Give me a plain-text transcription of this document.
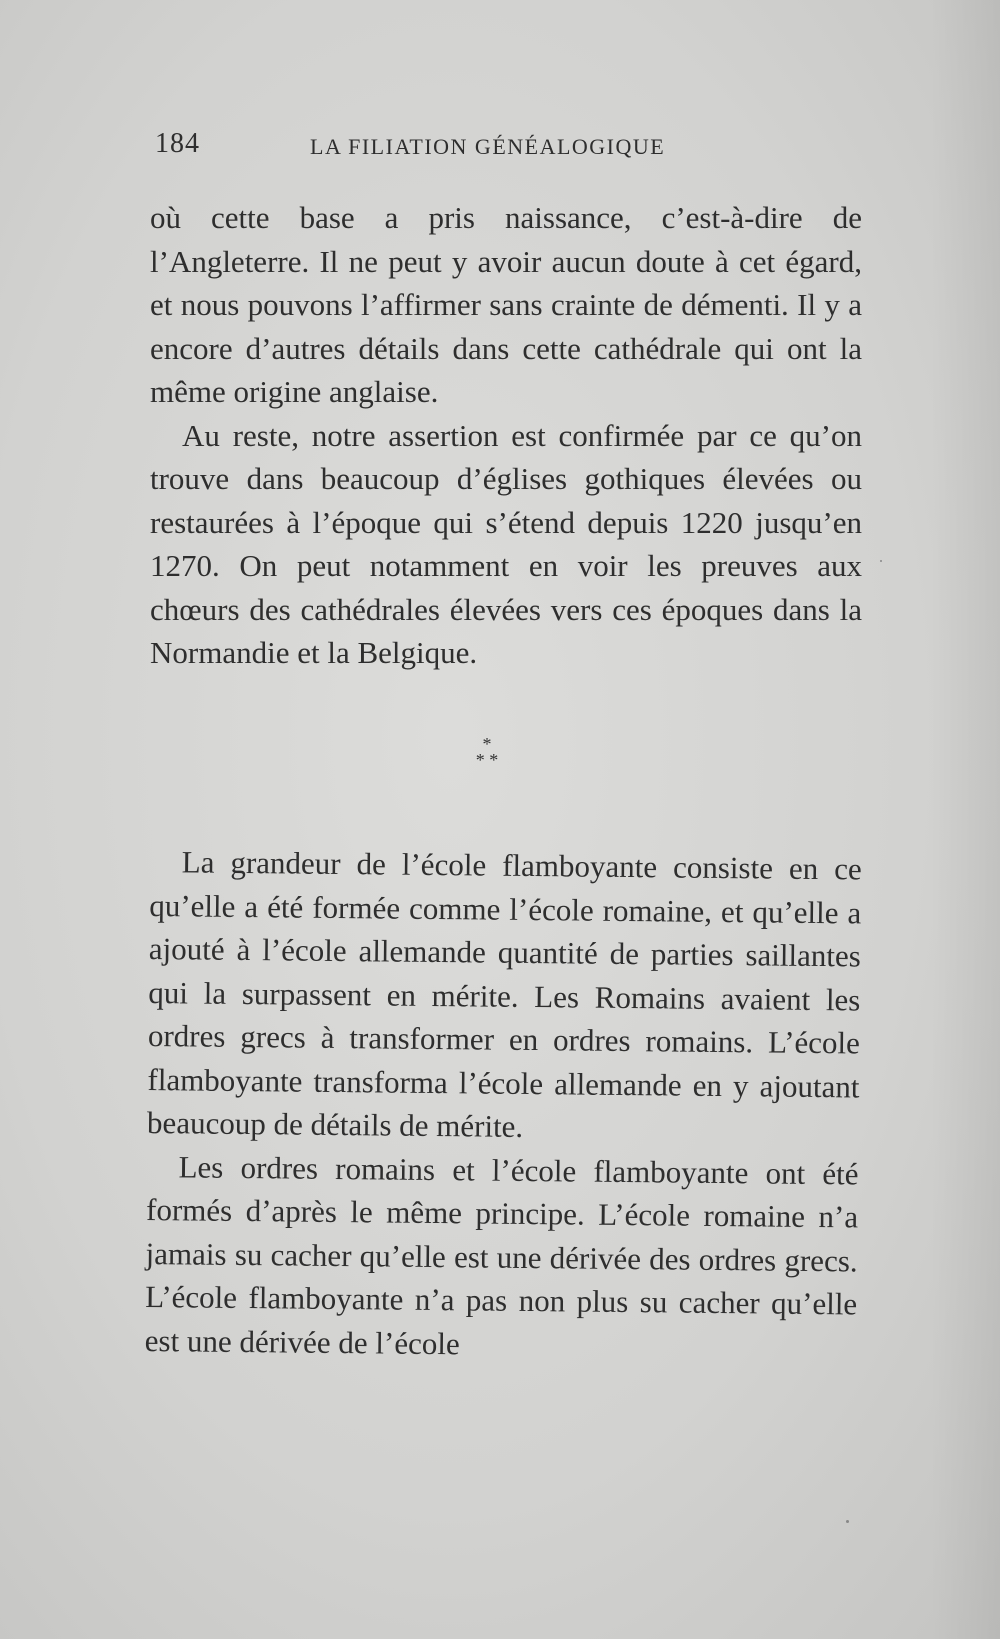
184	LA FILIATION GÉNÉALOGIQUE

où cette base a pris naissance, c’est-à-dire de l’Angleterre. Il ne peut y avoir aucun doute à cet égard, et nous pouvons l’affirmer sans crainte de démenti. Il y a encore d’autres détails dans cette cathédrale qui ont la même origine anglaise.

Au reste, notre assertion est confirmée par ce qu’on trouve dans beaucoup d’églises gothiques élevées ou restaurées à l’époque qui s’étend depuis 1220 jusqu’en 1270. On peut notamment en voir les preuves aux chœurs des cathédrales élevées vers ces époques dans la Normandie et la Belgique.

*
* *

La grandeur de l’école flamboyante consiste en ce qu’elle a été formée comme l’école romaine, et qu’elle a ajouté à l’école allemande quantité de parties saillantes qui la surpassent en mérite. Les Romains avaient les ordres grecs à transformer en ordres romains. L’école flamboyante transforma l’école allemande en y ajoutant beaucoup de détails de mérite.

Les ordres romains et l’école flamboyante ont été formés d’après le même principe. L’école romaine n’a jamais su cacher qu’elle est une dérivée des ordres grecs. L’école flamboyante n’a pas non plus su cacher qu’elle est une dérivée de l’école
